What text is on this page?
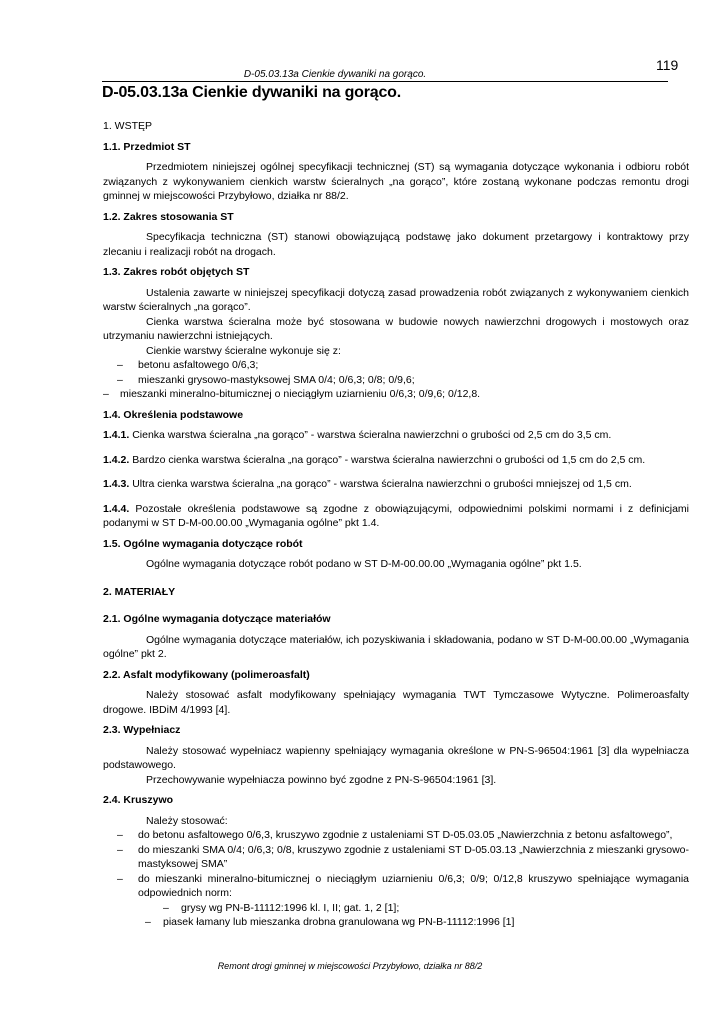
119
D-05.03.13a Cienkie dywaniki na gorąco.
D-05.03.13a Cienkie dywaniki na gorąco.

1. WSTĘP

1.1. Przedmiot ST

Przedmiotem niniejszej ogólnej specyfikacji technicznej (ST) są wymagania dotyczące wykonania i odbioru robót związanych z wykonywaniem cienkich warstw ścieralnych „na gorąco”, które zostaną wykonane podczas remontu drogi gminnej w miejscowości Przybyłowo, działka nr 88/2.

1.2. Zakres stosowania ST

Specyfikacja techniczna (ST) stanowi obowiązującą podstawę jako dokument przetargowy i kontraktowy przy zlecaniu i realizacji robót na drogach.

1.3. Zakres robót objętych ST

Ustalenia zawarte w niniejszej specyfikacji dotyczą zasad prowadzenia robót związanych z wykonywaniem cienkich warstw ścieralnych „na gorąco”.

Cienka warstwa ścieralna może być stosowana w budowie nowych nawierzchni drogowych i mostowych oraz utrzymaniu nawierzchni istniejących.

Cienkie warstwy ścieralne wykonuje się z:

– betonu asfaltowego 0/6,3;
– mieszanki grysowo-mastyksowej SMA 0/4; 0/6,3; 0/8; 0/9,6;
– mieszanki mineralno-bitumicznej o nieciągłym uziarnieniu 0/6,3; 0/9,6; 0/12,8.

1.4. Określenia podstawowe

1.4.1. Cienka warstwa ścieralna „na gorąco” - warstwa ścieralna nawierzchni o grubości od 2,5 cm do 3,5 cm.

1.4.2. Bardzo cienka warstwa ścieralna „na gorąco” - warstwa ścieralna nawierzchni o grubości od 1,5 cm do 2,5 cm.

1.4.3. Ultra cienka warstwa ścieralna „na gorąco” - warstwa ścieralna nawierzchni o grubości mniejszej od 1,5 cm.

1.4.4. Pozostałe określenia podstawowe są zgodne z obowiązującymi, odpowiednimi polskimi normami i z definicjami podanymi w ST D-M-00.00.00 „Wymagania ogólne” pkt 1.4.

1.5. Ogólne wymagania dotyczące robót

Ogólne wymagania dotyczące robót podano w ST D-M-00.00.00 „Wymagania ogólne” pkt 1.5.

2. MATERIAŁY

2.1. Ogólne wymagania dotyczące materiałów

Ogólne wymagania dotyczące materiałów, ich pozyskiwania i składowania, podano w ST D-M-00.00.00 „Wymagania ogólne” pkt 2.

2.2. Asfalt modyfikowany (polimeroasfalt)

Należy stosować asfalt modyfikowany spełniający wymagania TWT Tymczasowe Wytyczne. Polimeroasfalty drogowe. IBDiM 4/1993 [4].

2.3. Wypełniacz

Należy stosować wypełniacz wapienny spełniający wymagania określone w PN-S-96504:1961 [3] dla wypełniacza podstawowego.

Przechowywanie wypełniacza powinno być zgodne z PN-S-96504:1961 [3].

2.4. Kruszywo

Należy stosować:

– do betonu asfaltowego 0/6,3, kruszywo zgodnie z ustaleniami ST D-05.03.05 „Nawierzchnia z betonu asfaltowego”,
– do mieszanki SMA 0/4; 0/6,3; 0/8, kruszywo zgodnie z ustaleniami ST D-05.03.13 „Nawierzchnia z mieszanki grysowo-mastyksowej SMA”
– do mieszanki mineralno-bitumicznej o nieciągłym uziarnieniu 0/6,3; 0/9; 0/12,8 kruszywo spełniające wymagania odpowiednich norm:
– grysy wg PN-B-11112:1996 kl. I, II; gat. 1, 2 [1];
– piasek łamany lub mieszanka drobna granulowana wg PN-B-11112:1996 [1]
Remont drogi gminnej w miejscowości Przybyłowo, działka nr 88/2
